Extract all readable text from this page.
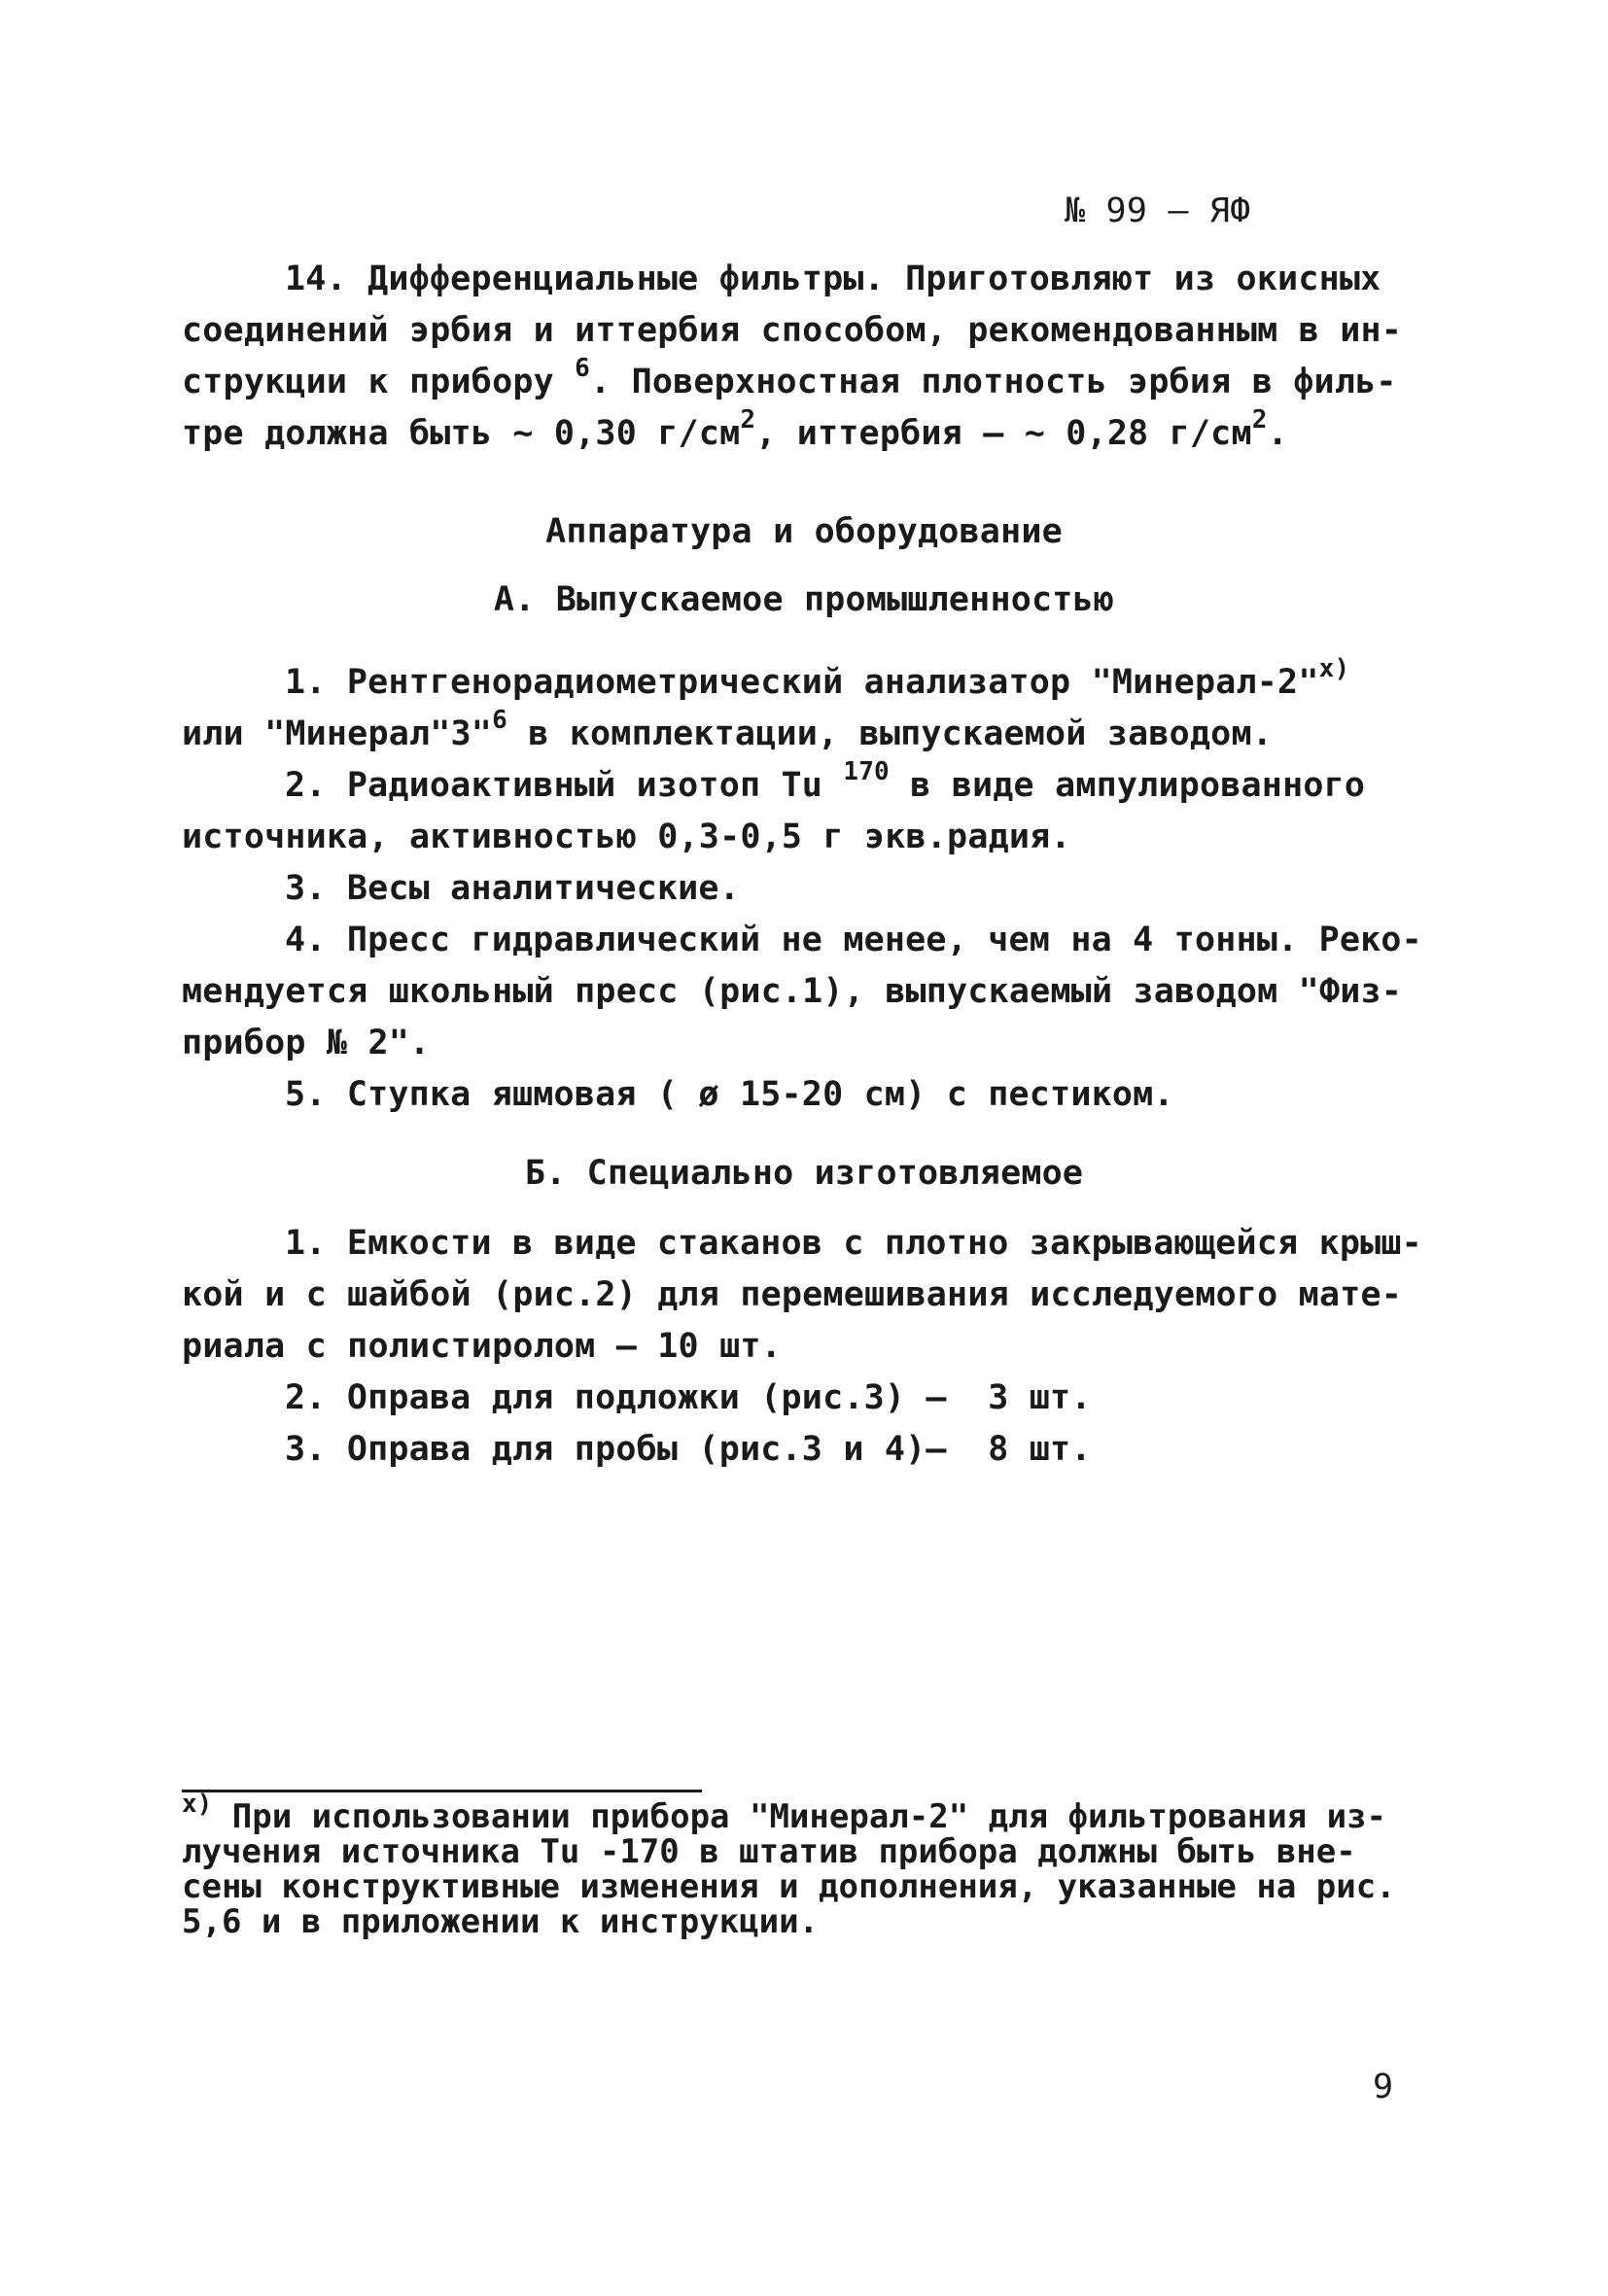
№ 99 – ЯФ
14. Дифференциальные фильтры. Приготовляют из окисных
соединений эрбия и иттербия способом, рекомендованным в ин-
струкции к прибору $^6$. Поверхностная плотность эрбия в филь-
тре должна быть ~ 0,30 $г/см^2$, иттербия – ~ 0,28 $г/см^2$.
Аппаратура и оборудование
А. Выпускаемое промышленностью
1. Рентгенорадиометрический анализатор "Минерал-2"$^{х)}$
или "Минерал"3"$^6$ в комплектации, выпускаемой заводом.
2. Радиоактивный изотоп Tu $^{170}$ в виде ампулированного
источника, активностью 0,3-0,5 г экв.радия.
3. Весы аналитические.
4. Пресс гидравлический не менее, чем на 4 тонны. Реко-
мендуется школьный пресс (рис.1), выпускаемый заводом "Физ-
прибор № 2".
5. Ступка яшмовая ( ø 15-20 см) с пестиком.
Б. Специально изготовляемое
1. Емкости в виде стаканов с плотно закрывающейся крыш-
кой и с шайбой (рис.2) для перемешивания исследуемого мате-
риала с полистиролом – 10 шт.
2. Оправа для подложки (рис.3) –  3 шт.
3. Оправа для пробы (рис.3 и 4)–  8 шт.
$^{х)}$ При использовании прибора "Минерал-2" для фильтрования из-
лучения источника Tu -170 в штатив прибора должны быть вне-
сены конструктивные изменения и дополнения, указанные на рис.
5,6 и в приложении к инструкции.
9
